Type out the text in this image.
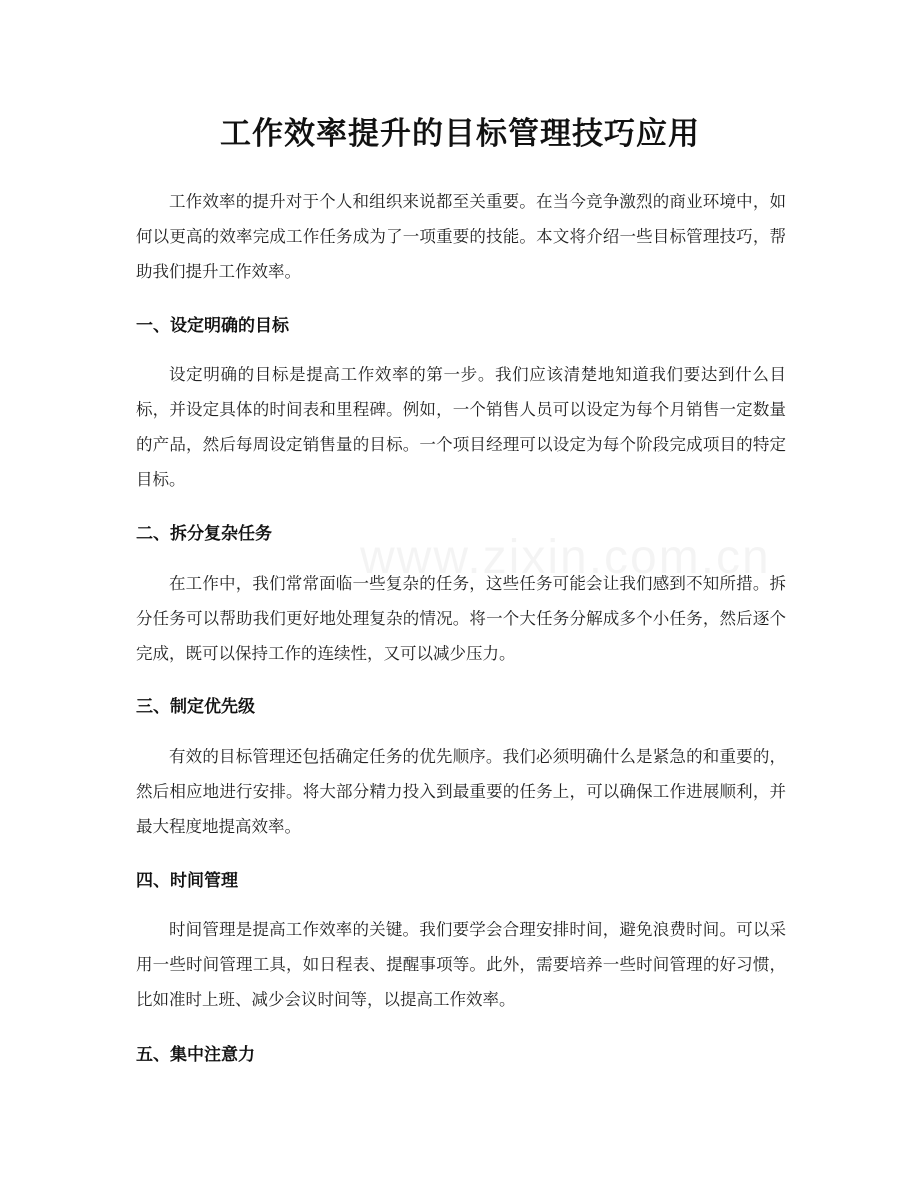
工作效率提升的目标管理技巧应用

工作效率的提升对于个人和组织来说都至关重要。在当今竞争激烈的商业环境中，如何以更高的效率完成工作任务成为了一项重要的技能。本文将介绍一些目标管理技巧，帮助我们提升工作效率。

一、设定明确的目标

设定明确的目标是提高工作效率的第一步。我们应该清楚地知道我们要达到什么目标，并设定具体的时间表和里程碑。例如，一个销售人员可以设定为每个月销售一定数量的产品，然后每周设定销售量的目标。一个项目经理可以设定为每个阶段完成项目的特定目标。

二、拆分复杂任务

在工作中，我们常常面临一些复杂的任务，这些任务可能会让我们感到不知所措。拆分任务可以帮助我们更好地处理复杂的情况。将一个大任务分解成多个小任务，然后逐个完成，既可以保持工作的连续性，又可以减少压力。

三、制定优先级

有效的目标管理还包括确定任务的优先顺序。我们必须明确什么是紧急的和重要的，然后相应地进行安排。将大部分精力投入到最重要的任务上，可以确保工作进展顺利，并最大程度地提高效率。

四、时间管理

时间管理是提高工作效率的关键。我们要学会合理安排时间，避免浪费时间。可以采用一些时间管理工具，如日程表、提醒事项等。此外，需要培养一些时间管理的好习惯，比如准时上班、减少会议时间等，以提高工作效率。

五、集中注意力
